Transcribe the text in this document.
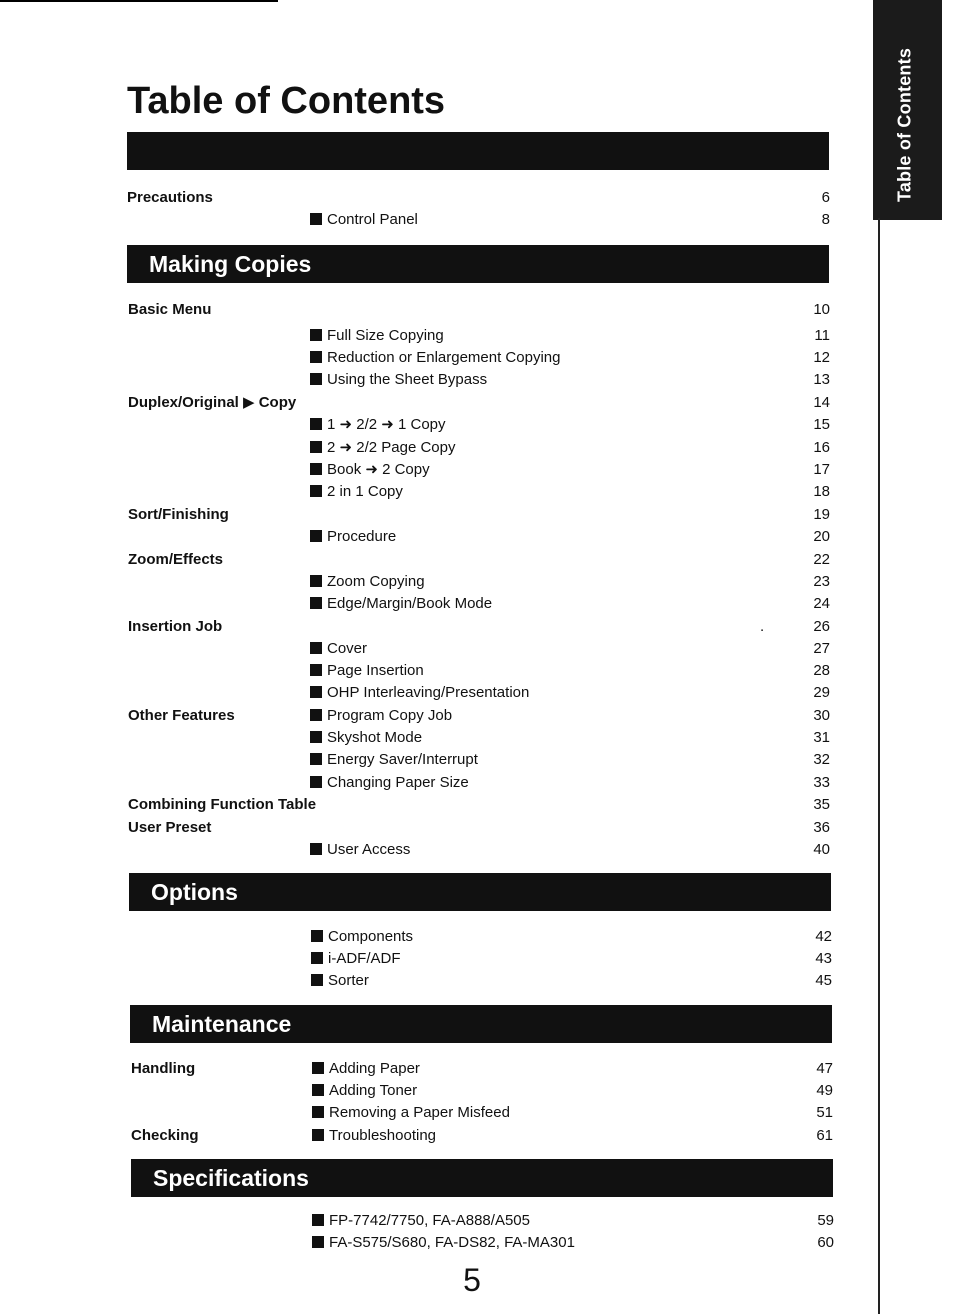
Table of Contents
Table of Contents
Precautions	6
Control Panel	8
Making Copies
Basic Menu	10
Full Size Copying	11
Reduction or Enlargement Copying	12
Using the Sheet Bypass	13
Duplex/Original ▶ Copy	14
1 ➜ 2/2 ➜ 1 Copy	15
2 ➜ 2/2 Page Copy	16
Book ➜ 2 Copy	17
2 in 1 Copy	18
Sort/Finishing	19
Procedure	20
Zoom/Effects	22
Zoom Copying	23
Edge/Margin/Book Mode	24
Insertion Job	.	26
Cover	27
Page Insertion	28
OHP Interleaving/Presentation	29
Other Features	Program Copy Job	30
Skyshot Mode	31
Energy Saver/Interrupt	32
Changing Paper Size	33
Combining Function Table	35
User Preset	36
User Access	40
Options
Components	42
i-ADF/ADF	43
Sorter	45
Maintenance
Handling	Adding Paper	47
Adding Toner	49
Removing a Paper Misfeed	51
Checking	Troubleshooting	61
Specifications
FP-7742/7750, FA-A888/A505	59
FA-S575/S680, FA-DS82, FA-MA301	60
5
